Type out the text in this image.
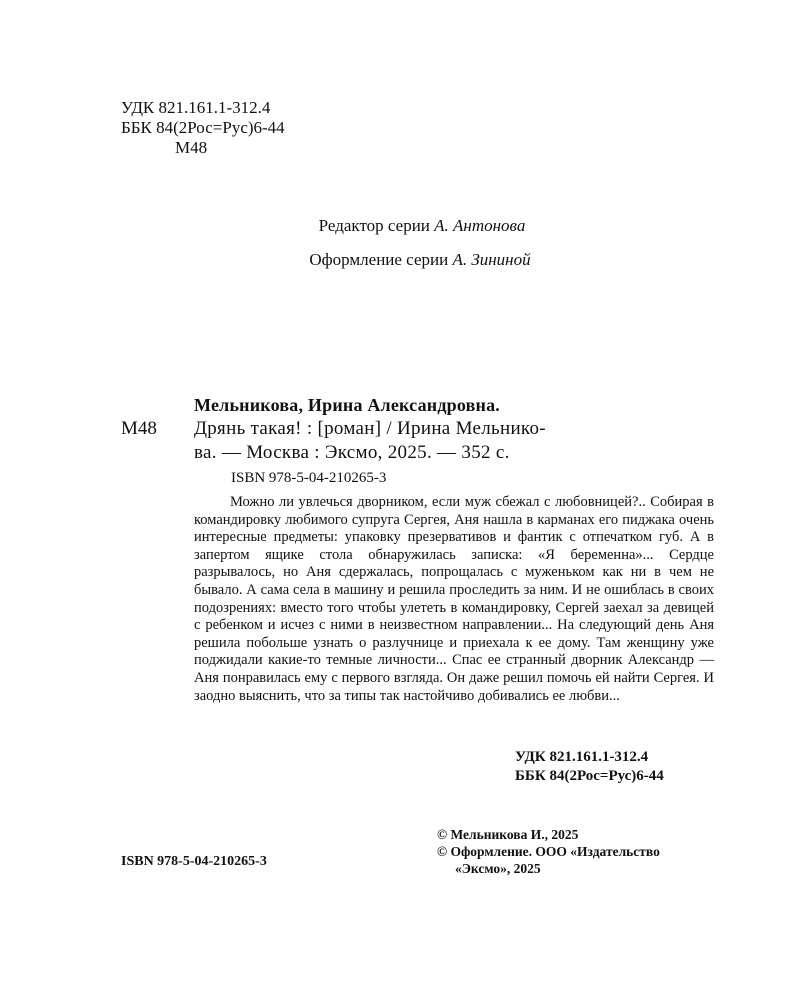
УДК 821.161.1-312.4
ББК 84(2Рос=Рус)6-44
М48
Редактор серии А. Антонова
Оформление серии А. Зининой
Мельникова, Ирина Александровна.
М48 Дрянь такая! : [роман] / Ирина Мельнико-
ва. — Москва : Эксмо, 2025. — 352 с.
ISBN 978-5-04-210265-3

Можно ли увлечься дворником, если муж сбежал с любовницей?.. Собирая в командировку любимого супруга Сергея, Аня нашла в карманах его пиджака очень интересные предметы: упаковку презервативов и фантик с отпечатком губ. А в запертом ящике стола обнаружилась записка: «Я беременна»... Сердце разрывалось, но Аня сдержалась, попрощалась с муженьком как ни в чем не бывало. А сама села в машину и решила проследить за ним. И не ошиблась в своих подозрениях: вместо того чтобы улететь в командировку, Сергей заехал за девицей с ребенком и исчез с ними в неизвестном направлении... На следующий день Аня решила побольше узнать о разлучнице и приехала к ее дому. Там женщину уже поджидали какие-то темные личности... Спас ее странный дворник Александр — Аня понравилась ему с первого взгляда. Он даже решил помочь ей найти Сергея. И заодно выяснить, что за типы так настойчиво добивались ее любви...

УДК 821.161.1-312.4
ББК 84(2Рос=Рус)6-44
© Мельникова И., 2025
© Оформление. ООО «Издательство
«Эксмо», 2025
ISBN 978-5-04-210265-3
